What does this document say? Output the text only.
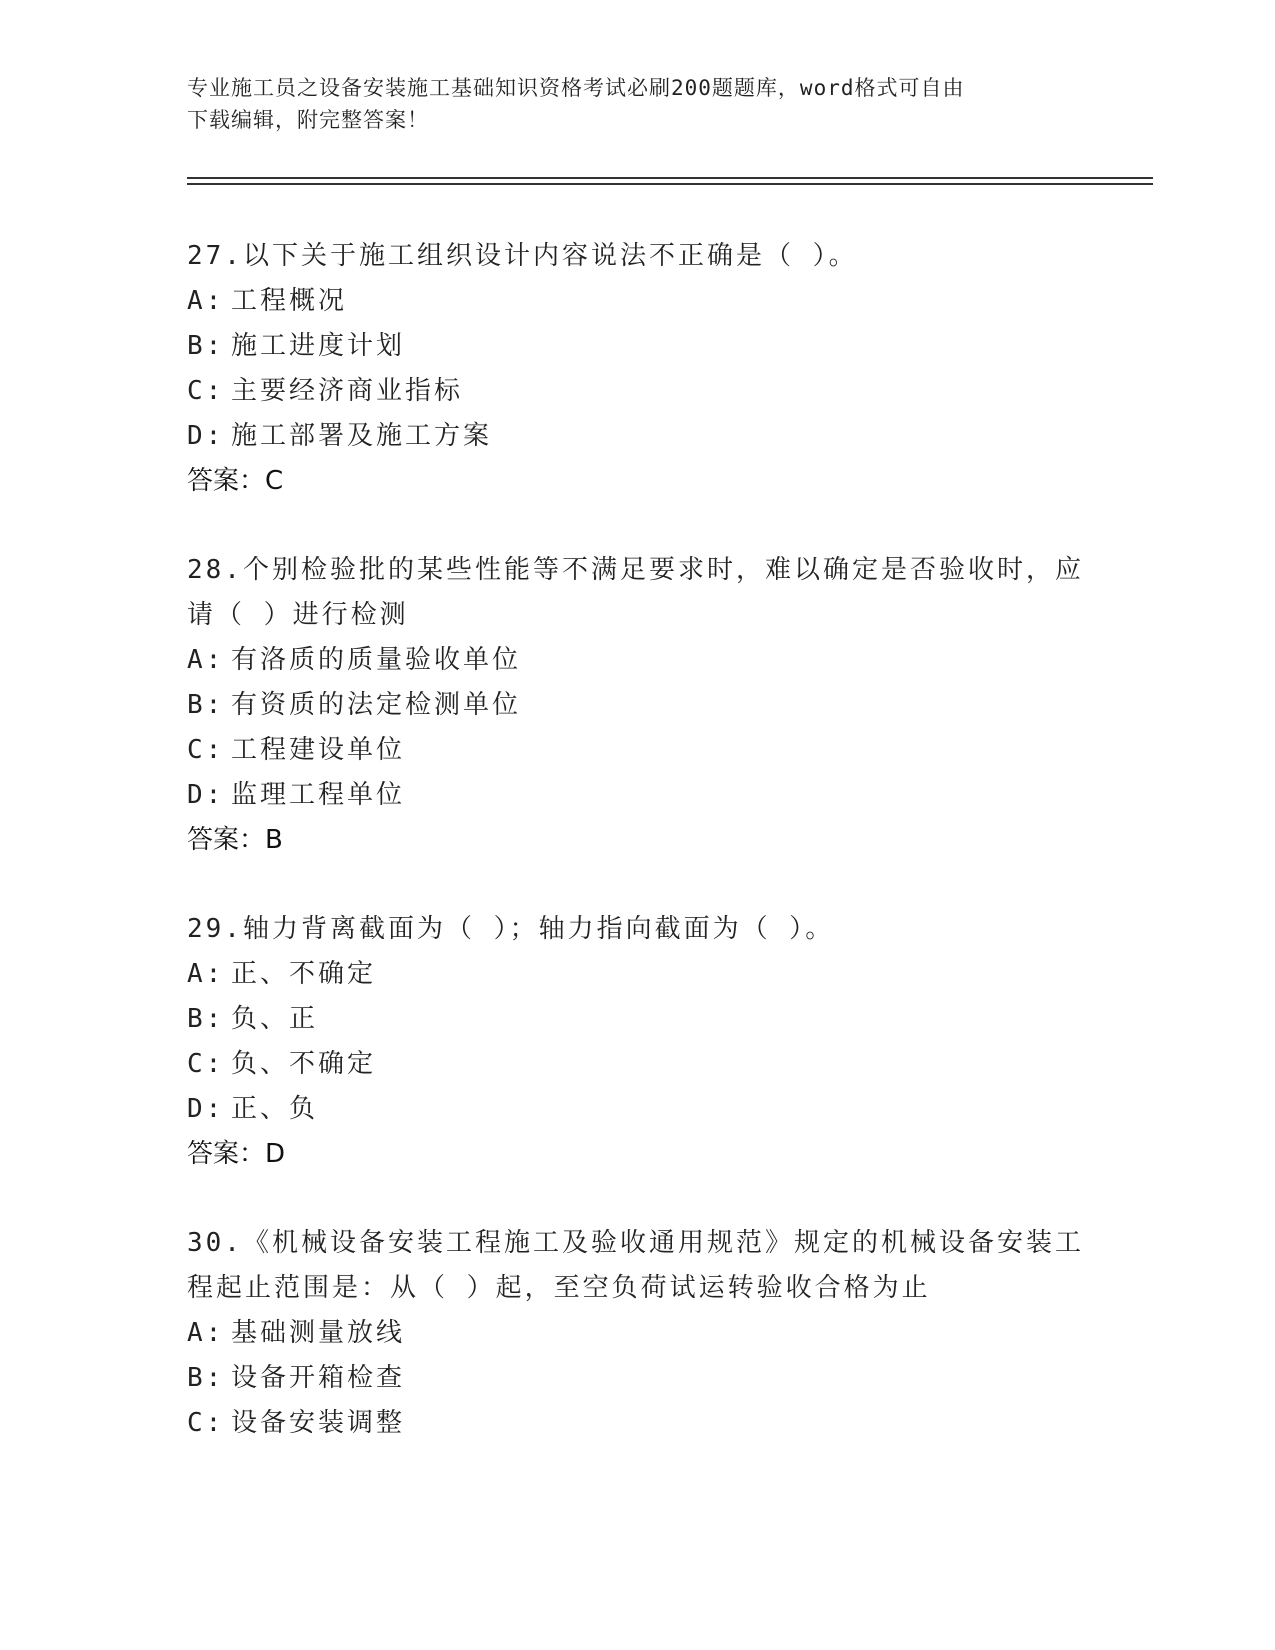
专业施工员之设备安装施工基础知识资格考试必刷200题题库，word格式可自由
下载编辑，附完整答案！

27.以下关于施工组织设计内容说法不正确是（ ）。

A: 工程概况

B: 施工进度计划

C: 主要经济商业指标

D: 施工部署及施工方案

答案：C

28.个别检验批的某些性能等不满足要求时，难以确定是否验收时，应请（ ）进行检测

A: 有洛质的质量验收单位

B: 有资质的法定检测单位

C: 工程建设单位

D: 监理工程单位

答案：B

29.轴力背离截面为（ ）；轴力指向截面为（ ）。

A: 正、不确定

B: 负、正

C: 负、不确定

D: 正、负

答案：D

30.《机械设备安装工程施工及验收通用规范》规定的机械设备安装工程起止范围是：从（ ）起，至空负荷试运转验收合格为止

A: 基础测量放线

B: 设备开箱检查

C: 设备安装调整
